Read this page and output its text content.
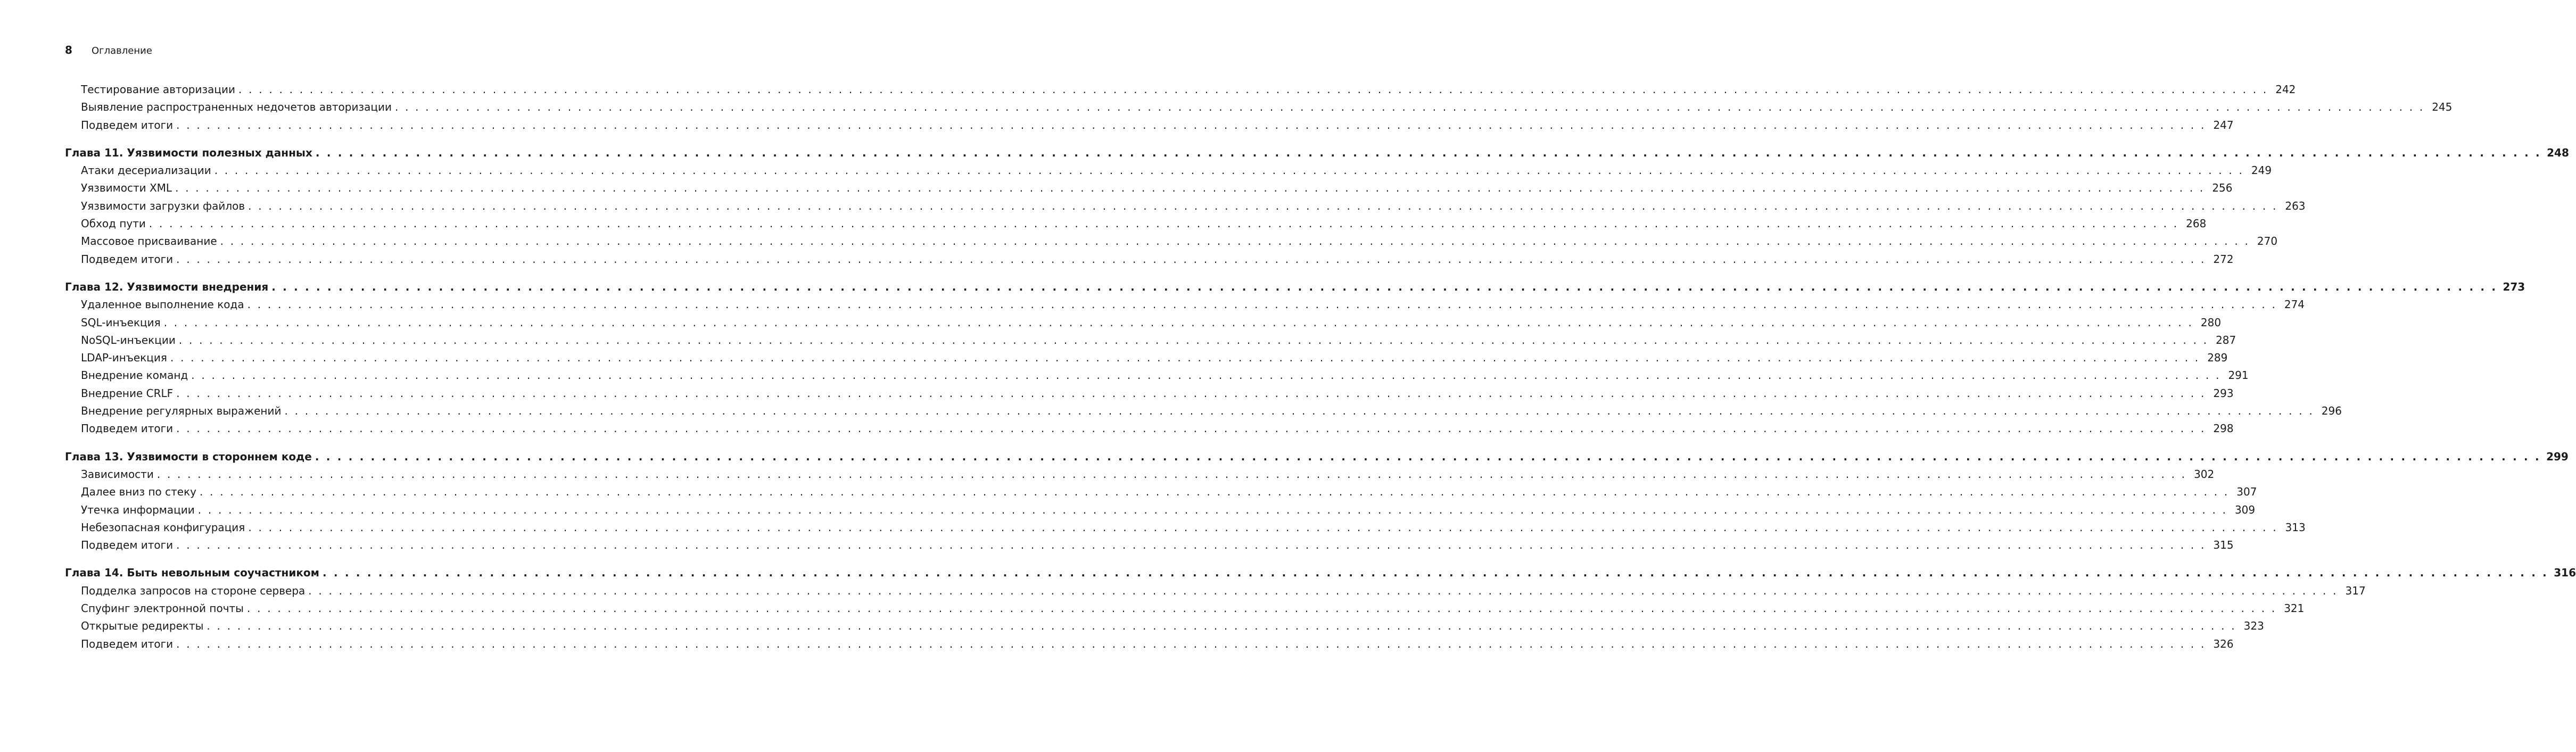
8	Оглавление
Тестирование авторизации . . . . . . . . . . . . . . . . . . . . . . . . . . . . . . . . . . . . . . . . . . . . . . . . . . . . . . . . . . . . . . . . . . . . . . . . . . . . . . . . . . . . . . . . . . . . . . . . . . . . . . . . . . . . . . . . . . . . . . . . . . . . . . . . . . . . . . . . . . . . . . . . . . . . . . . . . . . . . . . . . . . . . . . . . . . . . . . . . . . . . . . . . . . . . . . . . . . . . . . . 242
Выявление распространенных недочетов авторизации . . . . . . . . . . . . . . . . . . . . . . . . . . . . . . . . . . . . . . . . . . . . . . . . . . . . . . . . . . . . . . . . . . . . . . . . . . . . . . . . . . . . . . . . . . . . . . . . . . . . . . . . . . . . . . . . . . . . . . . . . . . . . . . . . . . . . . . . . . . . . . . . . . . . . . . . . . . . . . . . . . . . . . . . . . . . . . . . . . . . . . . . . . . . . . . . . . . . . . . . 245
Подведем итоги . . . . . . . . . . . . . . . . . . . . . . . . . . . . . . . . . . . . . . . . . . . . . . . . . . . . . . . . . . . . . . . . . . . . . . . . . . . . . . . . . . . . . . . . . . . . . . . . . . . . . . . . . . . . . . . . . . . . . . . . . . . . . . . . . . . . . . . . . . . . . . . . . . . . . . . . . . . . . . . . . . . . . . . . . . . . . . . . . . . . . . . . . . . . . . . . . . . . . . . . 247
Глава 11. Уязвимости полезных данных . . . . . . . . . . . . . . . . . . . . . . . . . . . . . . . . . . . . . . . . . . . . . . . . . . . . . . . . . . . . . . . . . . . . . . . . . . . . . . . . . . . . . . . . . . . . . . . . . . . . . . . . . . . . . . . . . . . . . . . . . . . . . . . . . . . . . . . . . . . . . . . . . . . . . . . . . . . . . . . . . . . . . . . . . . . . . . . . . . . . . . . . . . . . . . . . . . . . . . . . 248
Атаки десериализации . . . . . . . . . . . . . . . . . . . . . . . . . . . . . . . . . . . . . . . . . . . . . . . . . . . . . . . . . . . . . . . . . . . . . . . . . . . . . . . . . . . . . . . . . . . . . . . . . . . . . . . . . . . . . . . . . . . . . . . . . . . . . . . . . . . . . . . . . . . . . . . . . . . . . . . . . . . . . . . . . . . . . . . . . . . . . . . . . . . . . . . . . . . . . . . . . . . . . . . . 249
Уязвимости XML . . . . . . . . . . . . . . . . . . . . . . . . . . . . . . . . . . . . . . . . . . . . . . . . . . . . . . . . . . . . . . . . . . . . . . . . . . . . . . . . . . . . . . . . . . . . . . . . . . . . . . . . . . . . . . . . . . . . . . . . . . . . . . . . . . . . . . . . . . . . . . . . . . . . . . . . . . . . . . . . . . . . . . . . . . . . . . . . . . . . . . . . . . . . . . . . . . . . . . . . 256
Уязвимости загрузки файлов . . . . . . . . . . . . . . . . . . . . . . . . . . . . . . . . . . . . . . . . . . . . . . . . . . . . . . . . . . . . . . . . . . . . . . . . . . . . . . . . . . . . . . . . . . . . . . . . . . . . . . . . . . . . . . . . . . . . . . . . . . . . . . . . . . . . . . . . . . . . . . . . . . . . . . . . . . . . . . . . . . . . . . . . . . . . . . . . . . . . . . . . . . . . . . . . . . . . . . . . 263
Обход пути . . . . . . . . . . . . . . . . . . . . . . . . . . . . . . . . . . . . . . . . . . . . . . . . . . . . . . . . . . . . . . . . . . . . . . . . . . . . . . . . . . . . . . . . . . . . . . . . . . . . . . . . . . . . . . . . . . . . . . . . . . . . . . . . . . . . . . . . . . . . . . . . . . . . . . . . . . . . . . . . . . . . . . . . . . . . . . . . . . . . . . . . . . . . . . . . . . . . . . . . 268
Массовое присваивание . . . . . . . . . . . . . . . . . . . . . . . . . . . . . . . . . . . . . . . . . . . . . . . . . . . . . . . . . . . . . . . . . . . . . . . . . . . . . . . . . . . . . . . . . . . . . . . . . . . . . . . . . . . . . . . . . . . . . . . . . . . . . . . . . . . . . . . . . . . . . . . . . . . . . . . . . . . . . . . . . . . . . . . . . . . . . . . . . . . . . . . . . . . . . . . . . . . . . . . . 270
Подведем итоги . . . . . . . . . . . . . . . . . . . . . . . . . . . . . . . . . . . . . . . . . . . . . . . . . . . . . . . . . . . . . . . . . . . . . . . . . . . . . . . . . . . . . . . . . . . . . . . . . . . . . . . . . . . . . . . . . . . . . . . . . . . . . . . . . . . . . . . . . . . . . . . . . . . . . . . . . . . . . . . . . . . . . . . . . . . . . . . . . . . . . . . . . . . . . . . . . . . . . . . . 272
Глава 12. Уязвимости внедрения . . . . . . . . . . . . . . . . . . . . . . . . . . . . . . . . . . . . . . . . . . . . . . . . . . . . . . . . . . . . . . . . . . . . . . . . . . . . . . . . . . . . . . . . . . . . . . . . . . . . . . . . . . . . . . . . . . . . . . . . . . . . . . . . . . . . . . . . . . . . . . . . . . . . . . . . . . . . . . . . . . . . . . . . . . . . . . . . . . . . . . . . . . . . . . . . . . . . . . . . 273
Удаленное выполнение кода . . . . . . . . . . . . . . . . . . . . . . . . . . . . . . . . . . . . . . . . . . . . . . . . . . . . . . . . . . . . . . . . . . . . . . . . . . . . . . . . . . . . . . . . . . . . . . . . . . . . . . . . . . . . . . . . . . . . . . . . . . . . . . . . . . . . . . . . . . . . . . . . . . . . . . . . . . . . . . . . . . . . . . . . . . . . . . . . . . . . . . . . . . . . . . . . . . . . . . . . 274
SQL-инъекция . . . . . . . . . . . . . . . . . . . . . . . . . . . . . . . . . . . . . . . . . . . . . . . . . . . . . . . . . . . . . . . . . . . . . . . . . . . . . . . . . . . . . . . . . . . . . . . . . . . . . . . . . . . . . . . . . . . . . . . . . . . . . . . . . . . . . . . . . . . . . . . . . . . . . . . . . . . . . . . . . . . . . . . . . . . . . . . . . . . . . . . . . . . . . . . . . . . . . . . . 280
NoSQL-инъекции . . . . . . . . . . . . . . . . . . . . . . . . . . . . . . . . . . . . . . . . . . . . . . . . . . . . . . . . . . . . . . . . . . . . . . . . . . . . . . . . . . . . . . . . . . . . . . . . . . . . . . . . . . . . . . . . . . . . . . . . . . . . . . . . . . . . . . . . . . . . . . . . . . . . . . . . . . . . . . . . . . . . . . . . . . . . . . . . . . . . . . . . . . . . . . . . . . . . . . . . 287
LDAP-инъекция . . . . . . . . . . . . . . . . . . . . . . . . . . . . . . . . . . . . . . . . . . . . . . . . . . . . . . . . . . . . . . . . . . . . . . . . . . . . . . . . . . . . . . . . . . . . . . . . . . . . . . . . . . . . . . . . . . . . . . . . . . . . . . . . . . . . . . . . . . . . . . . . . . . . . . . . . . . . . . . . . . . . . . . . . . . . . . . . . . . . . . . . . . . . . . . . . . . . . . . . 289
Внедрение команд . . . . . . . . . . . . . . . . . . . . . . . . . . . . . . . . . . . . . . . . . . . . . . . . . . . . . . . . . . . . . . . . . . . . . . . . . . . . . . . . . . . . . . . . . . . . . . . . . . . . . . . . . . . . . . . . . . . . . . . . . . . . . . . . . . . . . . . . . . . . . . . . . . . . . . . . . . . . . . . . . . . . . . . . . . . . . . . . . . . . . . . . . . . . . . . . . . . . . . . . 291
Внедрение CRLF . . . . . . . . . . . . . . . . . . . . . . . . . . . . . . . . . . . . . . . . . . . . . . . . . . . . . . . . . . . . . . . . . . . . . . . . . . . . . . . . . . . . . . . . . . . . . . . . . . . . . . . . . . . . . . . . . . . . . . . . . . . . . . . . . . . . . . . . . . . . . . . . . . . . . . . . . . . . . . . . . . . . . . . . . . . . . . . . . . . . . . . . . . . . . . . . . . . . . . . . 293
Внедрение регулярных выражений . . . . . . . . . . . . . . . . . . . . . . . . . . . . . . . . . . . . . . . . . . . . . . . . . . . . . . . . . . . . . . . . . . . . . . . . . . . . . . . . . . . . . . . . . . . . . . . . . . . . . . . . . . . . . . . . . . . . . . . . . . . . . . . . . . . . . . . . . . . . . . . . . . . . . . . . . . . . . . . . . . . . . . . . . . . . . . . . . . . . . . . . . . . . . . . . . . . . . . . . 296
Подведем итоги . . . . . . . . . . . . . . . . . . . . . . . . . . . . . . . . . . . . . . . . . . . . . . . . . . . . . . . . . . . . . . . . . . . . . . . . . . . . . . . . . . . . . . . . . . . . . . . . . . . . . . . . . . . . . . . . . . . . . . . . . . . . . . . . . . . . . . . . . . . . . . . . . . . . . . . . . . . . . . . . . . . . . . . . . . . . . . . . . . . . . . . . . . . . . . . . . . . . . . . . 298
Глава 13. Уязвимости в стороннем коде . . . . . . . . . . . . . . . . . . . . . . . . . . . . . . . . . . . . . . . . . . . . . . . . . . . . . . . . . . . . . . . . . . . . . . . . . . . . . . . . . . . . . . . . . . . . . . . . . . . . . . . . . . . . . . . . . . . . . . . . . . . . . . . . . . . . . . . . . . . . . . . . . . . . . . . . . . . . . . . . . . . . . . . . . . . . . . . . . . . . . . . . . . . . . . . . . . . . . . . . 299
Зависимости . . . . . . . . . . . . . . . . . . . . . . . . . . . . . . . . . . . . . . . . . . . . . . . . . . . . . . . . . . . . . . . . . . . . . . . . . . . . . . . . . . . . . . . . . . . . . . . . . . . . . . . . . . . . . . . . . . . . . . . . . . . . . . . . . . . . . . . . . . . . . . . . . . . . . . . . . . . . . . . . . . . . . . . . . . . . . . . . . . . . . . . . . . . . . . . . . . . . . . . . 302
Далее вниз по стеку . . . . . . . . . . . . . . . . . . . . . . . . . . . . . . . . . . . . . . . . . . . . . . . . . . . . . . . . . . . . . . . . . . . . . . . . . . . . . . . . . . . . . . . . . . . . . . . . . . . . . . . . . . . . . . . . . . . . . . . . . . . . . . . . . . . . . . . . . . . . . . . . . . . . . . . . . . . . . . . . . . . . . . . . . . . . . . . . . . . . . . . . . . . . . . . . . . . . . . . . 307
Утечка информации . . . . . . . . . . . . . . . . . . . . . . . . . . . . . . . . . . . . . . . . . . . . . . . . . . . . . . . . . . . . . . . . . . . . . . . . . . . . . . . . . . . . . . . . . . . . . . . . . . . . . . . . . . . . . . . . . . . . . . . . . . . . . . . . . . . . . . . . . . . . . . . . . . . . . . . . . . . . . . . . . . . . . . . . . . . . . . . . . . . . . . . . . . . . . . . . . . . . . . . . 309
Небезопасная конфигурация . . . . . . . . . . . . . . . . . . . . . . . . . . . . . . . . . . . . . . . . . . . . . . . . . . . . . . . . . . . . . . . . . . . . . . . . . . . . . . . . . . . . . . . . . . . . . . . . . . . . . . . . . . . . . . . . . . . . . . . . . . . . . . . . . . . . . . . . . . . . . . . . . . . . . . . . . . . . . . . . . . . . . . . . . . . . . . . . . . . . . . . . . . . . . . . . . . . . . . . . 313
Подведем итоги . . . . . . . . . . . . . . . . . . . . . . . . . . . . . . . . . . . . . . . . . . . . . . . . . . . . . . . . . . . . . . . . . . . . . . . . . . . . . . . . . . . . . . . . . . . . . . . . . . . . . . . . . . . . . . . . . . . . . . . . . . . . . . . . . . . . . . . . . . . . . . . . . . . . . . . . . . . . . . . . . . . . . . . . . . . . . . . . . . . . . . . . . . . . . . . . . . . . . . . . 315
Глава 14. Быть невольным соучастником . . . . . . . . . . . . . . . . . . . . . . . . . . . . . . . . . . . . . . . . . . . . . . . . . . . . . . . . . . . . . . . . . . . . . . . . . . . . . . . . . . . . . . . . . . . . . . . . . . . . . . . . . . . . . . . . . . . . . . . . . . . . . . . . . . . . . . . . . . . . . . . . . . . . . . . . . . . . . . . . . . . . . . . . . . . . . . . . . . . . . . . . . . . . . . . . . . . . . . . . 316
Подделка запросов на стороне сервера . . . . . . . . . . . . . . . . . . . . . . . . . . . . . . . . . . . . . . . . . . . . . . . . . . . . . . . . . . . . . . . . . . . . . . . . . . . . . . . . . . . . . . . . . . . . . . . . . . . . . . . . . . . . . . . . . . . . . . . . . . . . . . . . . . . . . . . . . . . . . . . . . . . . . . . . . . . . . . . . . . . . . . . . . . . . . . . . . . . . . . . . . . . . . . . . . . . . . . . . 317
Спуфинг электронной почты . . . . . . . . . . . . . . . . . . . . . . . . . . . . . . . . . . . . . . . . . . . . . . . . . . . . . . . . . . . . . . . . . . . . . . . . . . . . . . . . . . . . . . . . . . . . . . . . . . . . . . . . . . . . . . . . . . . . . . . . . . . . . . . . . . . . . . . . . . . . . . . . . . . . . . . . . . . . . . . . . . . . . . . . . . . . . . . . . . . . . . . . . . . . . . . . . . . . . . . . 321
Открытые редиректы . . . . . . . . . . . . . . . . . . . . . . . . . . . . . . . . . . . . . . . . . . . . . . . . . . . . . . . . . . . . . . . . . . . . . . . . . . . . . . . . . . . . . . . . . . . . . . . . . . . . . . . . . . . . . . . . . . . . . . . . . . . . . . . . . . . . . . . . . . . . . . . . . . . . . . . . . . . . . . . . . . . . . . . . . . . . . . . . . . . . . . . . . . . . . . . . . . . . . . . . 323
Подведем итоги . . . . . . . . . . . . . . . . . . . . . . . . . . . . . . . . . . . . . . . . . . . . . . . . . . . . . . . . . . . . . . . . . . . . . . . . . . . . . . . . . . . . . . . . . . . . . . . . . . . . . . . . . . . . . . . . . . . . . . . . . . . . . . . . . . . . . . . . . . . . . . . . . . . . . . . . . . . . . . . . . . . . . . . . . . . . . . . . . . . . . . . . . . . . . . . . . . . . . . . . 326
